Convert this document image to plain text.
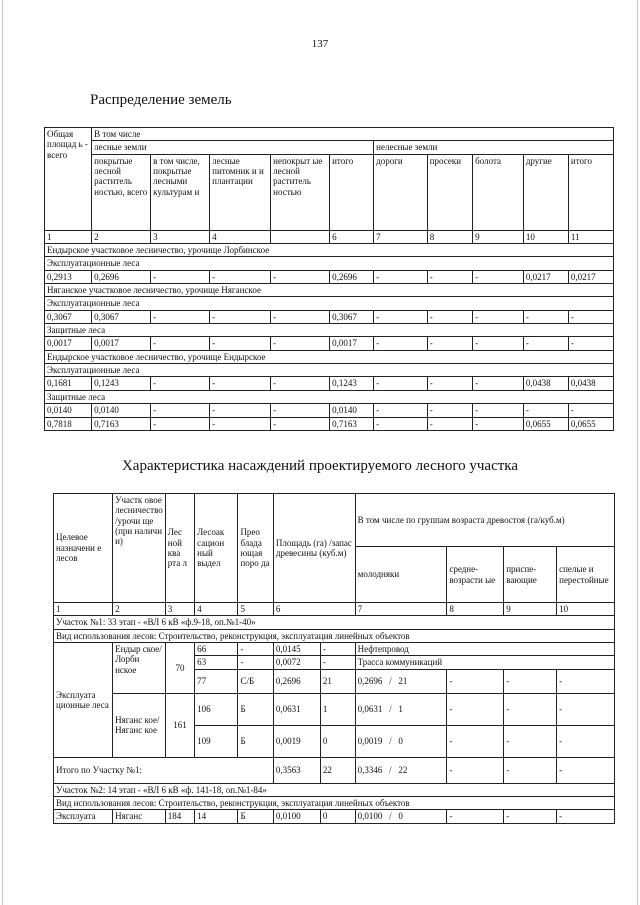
137
Распределение земель
Общая площад ь - всего	В том числе									
	лесные земли					нелесные земли				
	покрытые лесной раститель ностью, всего	в том числе, покрытые лесными культурам и	лесные питомник и и плантации	непокрыт ые лесной раститель ностью	итого	дороги	просеки	болота	другие	итого
1	2	3	4		6	7	8	9	10	11
Ендырское участковое лесничество, урочище Лорбинское										
Эксплуатационные леса										
0,2913	0,2696	-	-	-	0,2696	-	-	-	0,0217	0,0217
Няганское участковое лесничество, урочище Няганское										
Эксплуатационные леса										
0,3067	0,3067	-	-	-	0,3067	-	-	-	-	-
Защитные леса										
0,0017	0,0017	-	-	-	0,0017	-	-	-	-	-
Ендырское участковое лесничество, урочище Ендырское										
Эксплуатационные леса										
0,1681	0,1243	-	-	-	0,1243	-	-	-	0,0438	0,0438
Защитные леса										
0,0140	0,0140	-	-	-	0,0140	-	-	-	-	-
0,7818	0,7163	-	-	-	0,7163	-	-	-	0,0655	0,0655
Характеристика насаждений проектируемого лесного участка
Целевое назначени е лесов	Участк овое лесничество /урочи ще (при наличи и)	Лес ной ква рта л	Лесоак сацион ный выдел	Прео блада ющая поро да	Площадь (га) /запас древесины (куб.м)		В том числе по группам возраста древостоя (га/куб.м)			
							молодняки	средне-возрасти ые	приспе-вающие	спелые и перестойные
1	2	3	4	5	6		7	8	9	10
Участок №1: 33 этап - «ВЛ 6 кВ «ф.9-18, оп.№1-40»										
Вид использования лесов: Строительство, реконструкция, эксплуатация линейных объектов										
Эксплуата ционные леса	Ендыр ское/ Лорби нское	70	66	-	0,0145	-	Нефтепровод			
			63	-	0,0072	-	Трасса коммуникаций			
			77	С/Б	0,2696	21	0,2696   /   21	-	-	-
	Няганс кое/ Няганс кое	161	106	Б	0,0631	1	0,0631   /   1	-	-	-
			109	Б	0,0019	0	0,0019   /   0	-	-	-
Итого по Участку №1:					0,3563	22	0,3346   /   22	-	-	-
Участок №2: 14 этап - «ВЛ 6 кВ «ф. 141-18, оп.№1-84»										
Вид использования лесов: Строительство, реконструкция, эксплуатация линейных объектов										
Эксплуата	Няганс	184	14	Б	0,0100	0	0,0100   /   0	-	-	-
